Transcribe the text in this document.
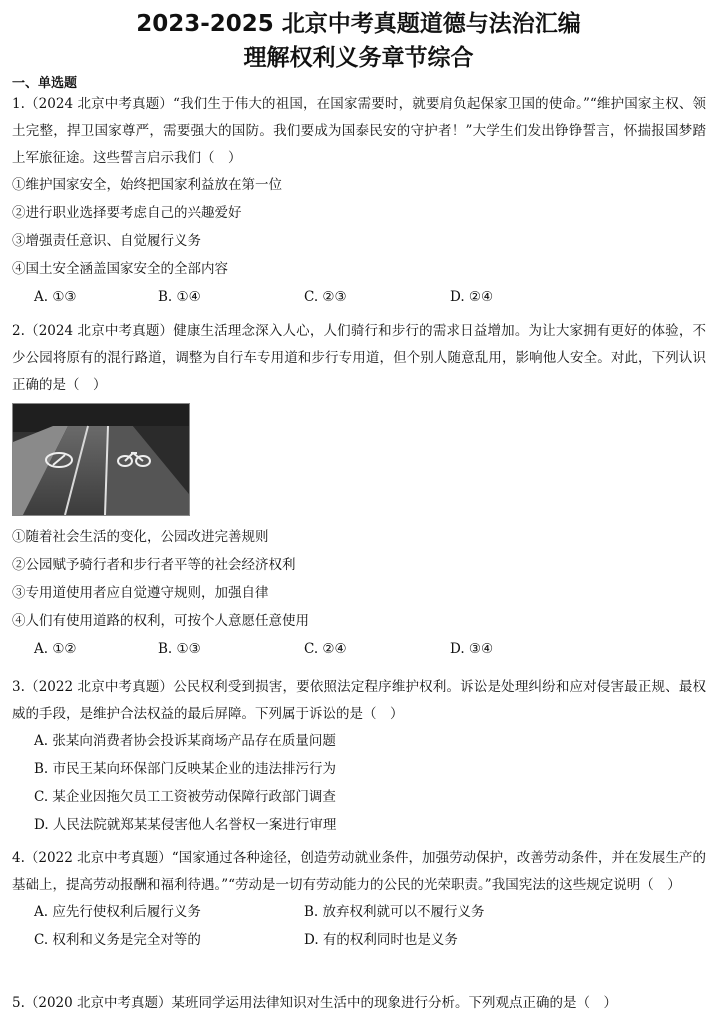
2023-2025 北京中考真题道德与法治汇编
理解权利义务章节综合
一、单选题

1.（2024 北京中考真题）“我们生于伟大的祖国，在国家需要时，就要肩负起保家卫国的使命。”“维护国家主权、领土完整，捍卫国家尊严，需要强大的国防。我们要成为国泰民安的守护者！”大学生们发出铮铮誓言，怀揣报国梦踏上军旅征途。这些誓言启示我们（　）

①维护国家安全，始终把国家利益放在第一位

②进行职业选择要考虑自己的兴趣爱好

③增强责任意识、自觉履行义务

④国土安全涵盖国家安全的全部内容

A. ①③	B. ①④	C. ②③	D. ②④

2.（2024 北京中考真题）健康生活理念深入人心，人们骑行和步行的需求日益增加。为让大家拥有更好的体验，不少公园将原有的混行路道，调整为自行车专用道和步行专用道，但个别人随意乱用，影响他人安全。对此，下列认识正确的是（　）

①随着社会生活的变化，公园改进完善规则

②公园赋予骑行者和步行者平等的社会经济权利

③专用道使用者应自觉遵守规则，加强自律

④人们有使用道路的权利，可按个人意愿任意使用

A. ①②	B. ①③	C. ②④	D. ③④

3.（2022 北京中考真题）公民权利受到损害，要依照法定程序维护权利。诉讼是处理纠纷和应对侵害最正规、最权威的手段，是维护合法权益的最后屏障。下列属于诉讼的是（　）

A. 张某向消费者协会投诉某商场产品存在质量问题

B. 市民王某向环保部门反映某企业的违法排污行为

C. 某企业因拖欠员工工资被劳动保障行政部门调查

D. 人民法院就郑某某侵害他人名誉权一案进行审理

4.（2022 北京中考真题）“国家通过各种途径，创造劳动就业条件，加强劳动保护，改善劳动条件，并在发展生产的基础上，提高劳动报酬和福利待遇。”“劳动是一切有劳动能力的公民的光荣职责。”我国宪法的这些规定说明（　）

A. 应先行使权利后履行义务	B. 放弃权利就可以不履行义务
C. 权利和义务是完全对等的	D. 有的权利同时也是义务

5.（2020 北京中考真题）某班同学运用法律知识对生活中的现象进行分析。下列观点正确的是（　）
